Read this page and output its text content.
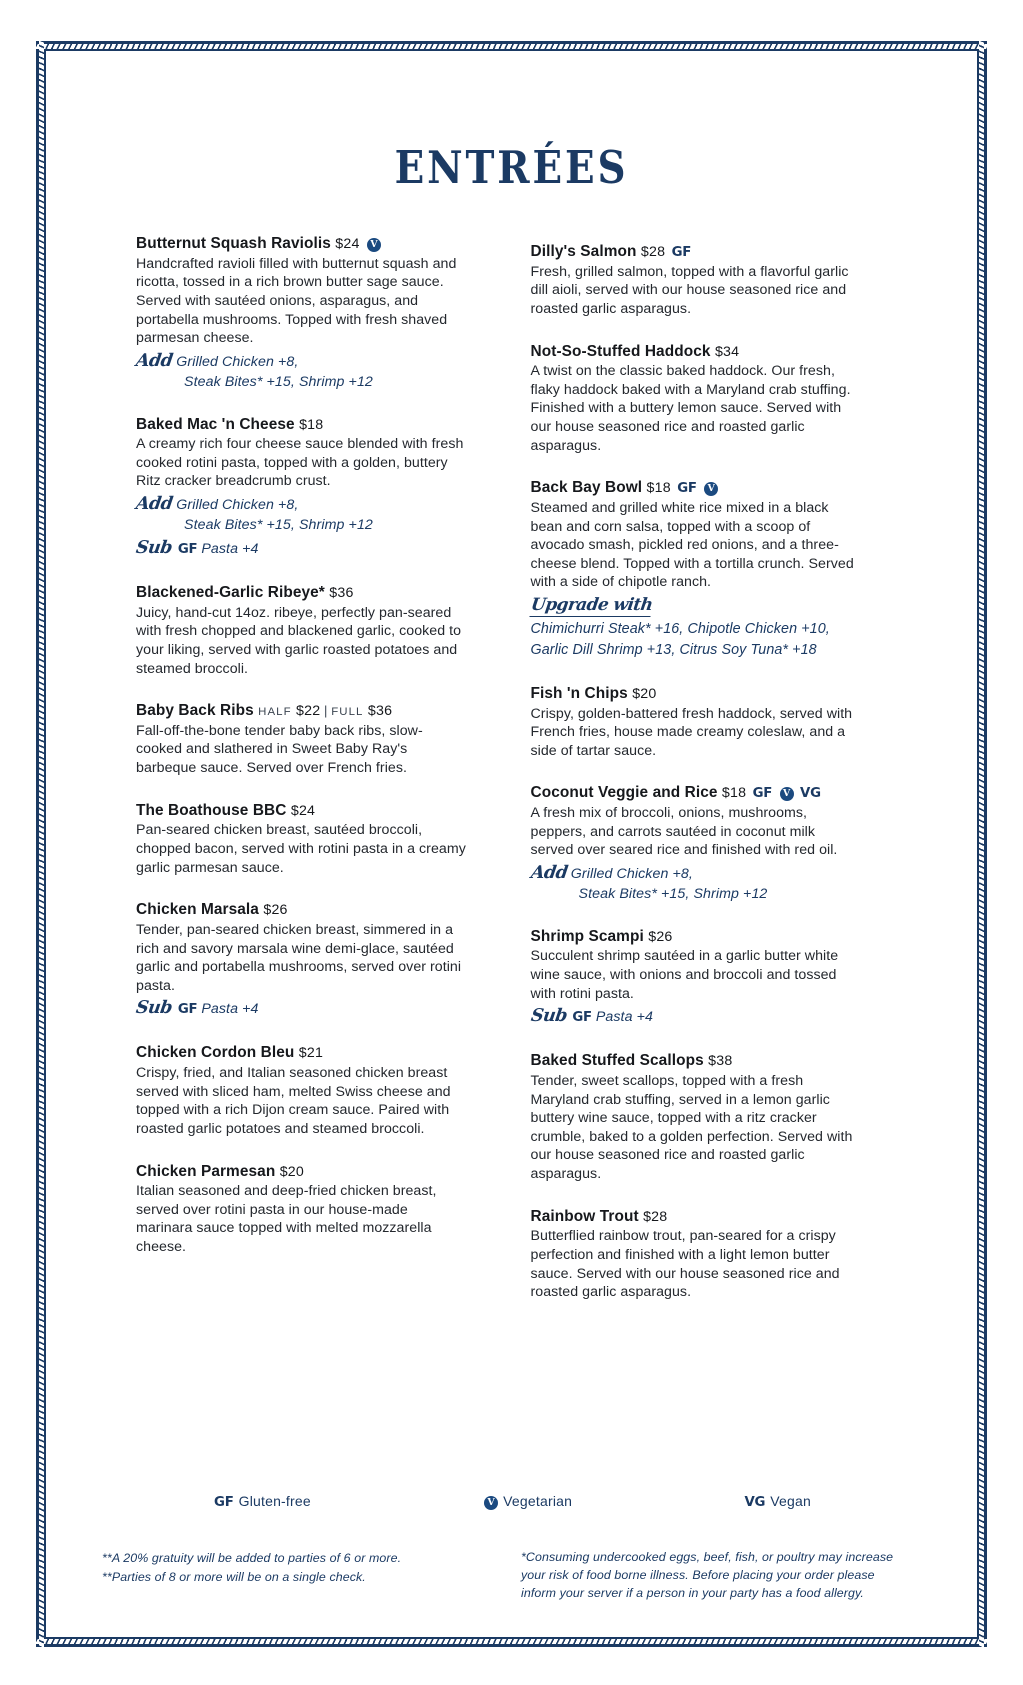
ENTRÉES
Butternut Squash Raviolis $24 V
Handcrafted ravioli filled with butternut squash and ricotta, tossed in a rich brown butter sage sauce. Served with sautéed onions, asparagus, and portabella mushrooms. Topped with fresh shaved parmesan cheese.
Add Grilled Chicken +8,
Steak Bites* +15, Shrimp +12
Baked Mac 'n Cheese $18
A creamy rich four cheese sauce blended with fresh cooked rotini pasta, topped with a golden, buttery Ritz cracker breadcrumb crust.
Add Grilled Chicken +8,
Steak Bites* +15, Shrimp +12
Sub GF Pasta +4
Blackened-Garlic Ribeye* $36
Juicy, hand-cut 14oz. ribeye, perfectly pan-seared with fresh chopped and blackened garlic, cooked to your liking, served with garlic roasted potatoes and steamed broccoli.
Baby Back Ribs HALF $22 | FULL $36
Fall-off-the-bone tender baby back ribs, slow-cooked and slathered in Sweet Baby Ray's barbeque sauce. Served over French fries.
The Boathouse BBC $24
Pan-seared chicken breast, sautéed broccoli, chopped bacon, served with rotini pasta in a creamy garlic parmesan sauce.
Chicken Marsala $26
Tender, pan-seared chicken breast, simmered in a rich and savory marsala wine demi-glace, sautéed garlic and portabella mushrooms, served over rotini pasta.
Sub GF Pasta +4
Chicken Cordon Bleu $21
Crispy, fried, and Italian seasoned chicken breast served with sliced ham, melted Swiss cheese and topped with a rich Dijon cream sauce. Paired with roasted garlic potatoes and steamed broccoli.
Chicken Parmesan $20
Italian seasoned and deep-fried chicken breast, served over rotini pasta in our house-made marinara sauce topped with melted mozzarella cheese.
Dilly's Salmon $28 GF
Fresh, grilled salmon, topped with a flavorful garlic dill aioli, served with our house seasoned rice and roasted garlic asparagus.
Not-So-Stuffed Haddock $34
A twist on the classic baked haddock. Our fresh, flaky haddock baked with a Maryland crab stuffing. Finished with a buttery lemon sauce. Served with our house seasoned rice and roasted garlic asparagus.
Back Bay Bowl $18 GF V
Steamed and grilled white rice mixed in a black bean and corn salsa, topped with a scoop of avocado smash, pickled red onions, and a three-cheese blend. Topped with a tortilla crunch. Served with a side of chipotle ranch.
Upgrade with
Chimichurri Steak* +16, Chipotle Chicken +10,
Garlic Dill Shrimp +13, Citrus Soy Tuna* +18
Fish 'n Chips $20
Crispy, golden-battered fresh haddock, served with French fries, house made creamy coleslaw, and a side of tartar sauce.
Coconut Veggie and Rice $18 GF V VG
A fresh mix of broccoli, onions, mushrooms, peppers, and carrots sautéed in coconut milk served over seared rice and finished with red oil.
Add Grilled Chicken +8,
Steak Bites* +15, Shrimp +12
Shrimp Scampi $26
Succulent shrimp sautéed in a garlic butter white wine sauce, with onions and broccoli and tossed with rotini pasta.
Sub GF Pasta +4
Baked Stuffed Scallops $38
Tender, sweet scallops, topped with a fresh Maryland crab stuffing, served in a lemon garlic buttery wine sauce, topped with a ritz cracker crumble, baked to a golden perfection. Served with our house seasoned rice and roasted garlic asparagus.
Rainbow Trout $28
Butterflied rainbow trout, pan-seared for a crispy perfection and finished with a light lemon butter sauce. Served with our house seasoned rice and roasted garlic asparagus.
GF Gluten-free	V Vegetarian	VG Vegan
**A 20% gratuity will be added to parties of 6 or more.
**Parties of 8 or more will be on a single check.
*Consuming undercooked eggs, beef, fish, or poultry may increase
your risk of food borne illness. Before placing your order please
inform your server if a person in your party has a food allergy.
